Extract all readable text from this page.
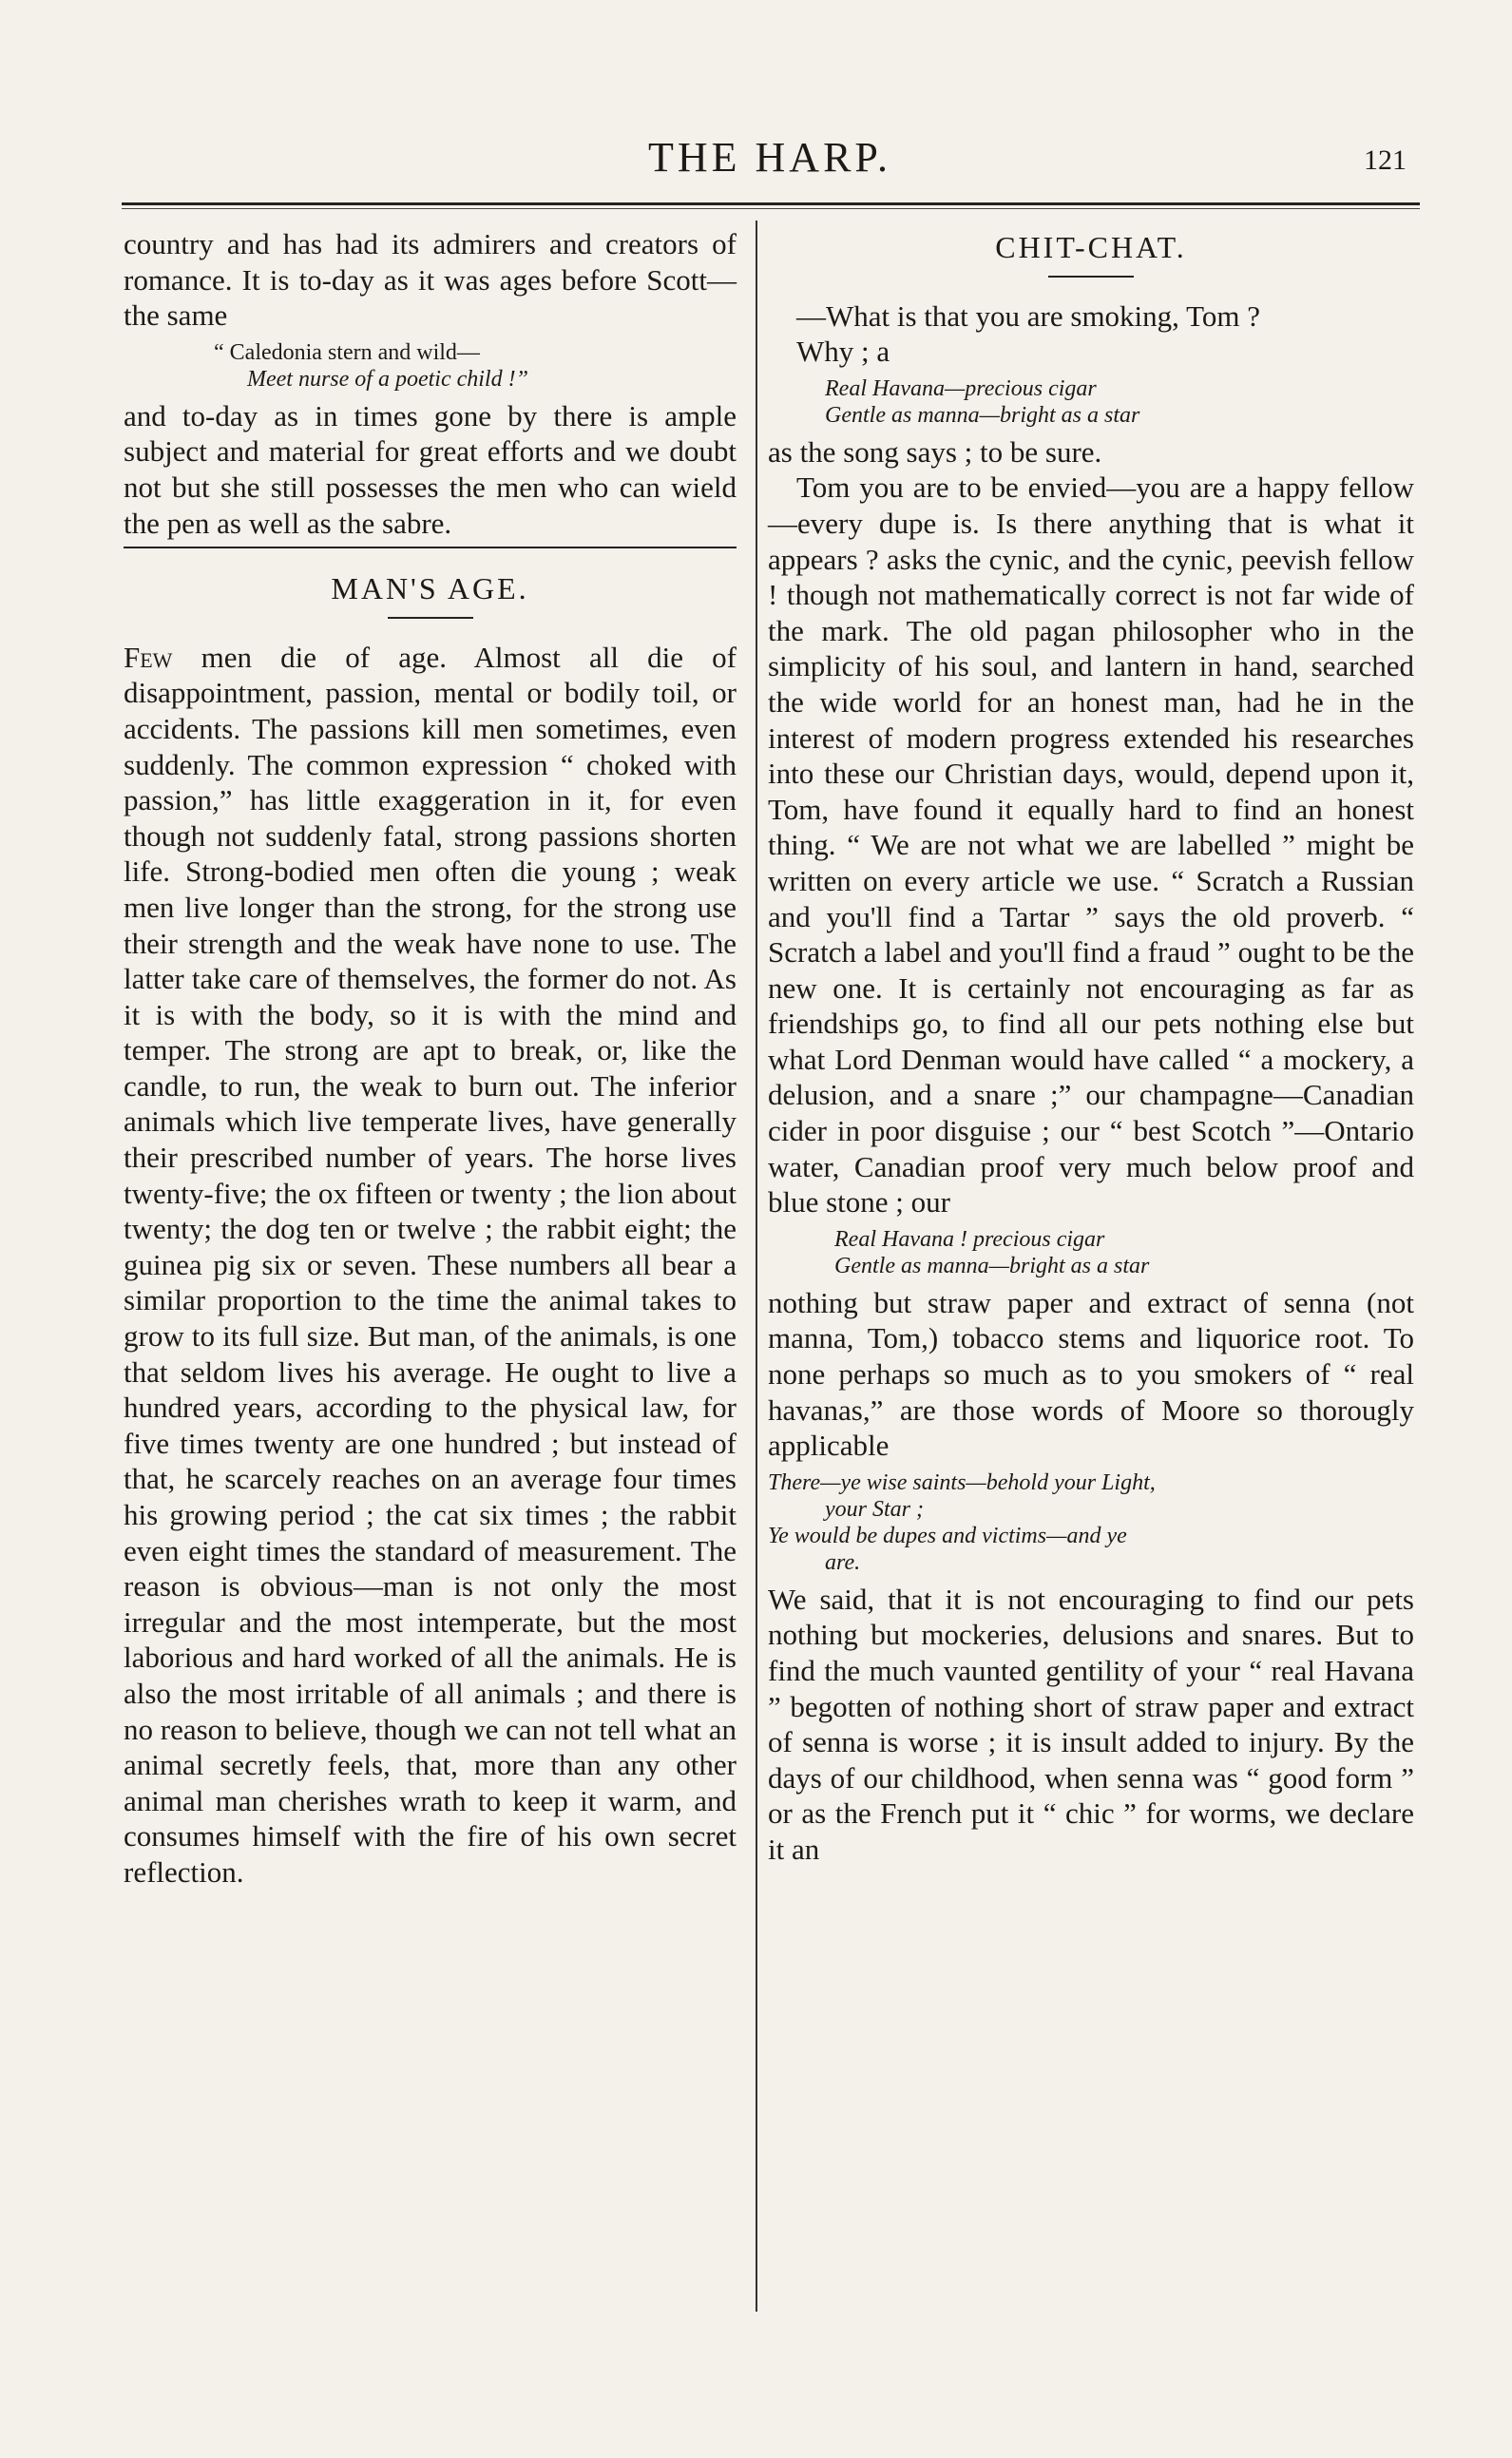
THE HARP.	121

country and has had its admirers and creators of romance. It is to-day as it was ages before Scott—the same

“ Caledonia stern and wild—
Meet nurse of a poetic child !”

and to-day as in times gone by there is ample subject and material for great efforts and we doubt not but she still possesses the men who can wield the pen as well as the sabre.

MAN'S AGE.

Few men die of age. Almost all die of disappointment, passion, mental or bodily toil, or accidents. The passions kill men sometimes, even suddenly. The common expression “ choked with passion,” has little exaggeration in it, for even though not suddenly fatal, strong passions shorten life. Strong-bodied men often die young ; weak men live longer than the strong, for the strong use their strength and the weak have none to use. The latter take care of themselves, the former do not. As it is with the body, so it is with the mind and temper. The strong are apt to break, or, like the candle, to run, the weak to burn out. The inferior animals which live temperate lives, have generally their prescribed number of years. The horse lives twenty-five; the ox fifteen or twenty ; the lion about twenty; the dog ten or twelve ; the rabbit eight; the guinea pig six or seven. These numbers all bear a similar proportion to the time the animal takes to grow to its full size. But man, of the animals, is one that seldom lives his average. He ought to live a hundred years, according to the physical law, for five times twenty are one hundred ; but instead of that, he scarcely reaches on an average four times his growing period ; the cat six times ; the rabbit even eight times the standard of measurement. The reason is obvious—man is not only the most irregular and the most intemperate, but the most laborious and hard worked of all the animals. He is also the most irritable of all animals ; and there is no reason to believe, though we can not tell what an animal secretly feels, that, more than any other animal man cherishes wrath to keep it warm, and consumes himself with the fire of his own secret reflection.

CHIT-CHAT.

—What is that you are smoking, Tom ?

Why ; a

Real Havana—precious cigar
Gentle as manna—bright as a star

as the song says ; to be sure.

Tom you are to be envied—you are a happy fellow—every dupe is. Is there anything that is what it appears ? asks the cynic, and the cynic, peevish fellow ! though not mathematically correct is not far wide of the mark. The old pagan philosopher who in the simplicity of his soul, and lantern in hand, searched the wide world for an honest man, had he in the interest of modern progress extended his researches into these our Christian days, would, depend upon it, Tom, have found it equally hard to find an honest thing. “ We are not what we are labelled ” might be written on every article we use. “ Scratch a Russian and you'll find a Tartar ” says the old proverb. “ Scratch a label and you'll find a fraud ” ought to be the new one. It is certainly not encouraging as far as friendships go, to find all our pets nothing else but what Lord Denman would have called “ a mockery, a delusion, and a snare ;” our champagne—Canadian cider in poor disguise ; our “ best Scotch ”—Ontario water, Canadian proof very much below proof and blue stone ; our

Real Havana ! precious cigar
Gentle as manna—bright as a star

nothing but straw paper and extract of senna (not manna, Tom,) tobacco stems and liquorice root. To none perhaps so much as to you smokers of “ real havanas,” are those words of Moore so thorougly applicable

There—ye wise saints—behold your Light,
your Star ;
Ye would be dupes and victims—and ye
are.

We said, that it is not encouraging to find our pets nothing but mockeries, delusions and snares. But to find the much vaunted gentility of your “ real Havana ” begotten of nothing short of straw paper and extract of senna is worse ; it is insult added to injury. By the days of our childhood, when senna was “ good form ” or as the French put it “ chic ” for worms, we declare it an
